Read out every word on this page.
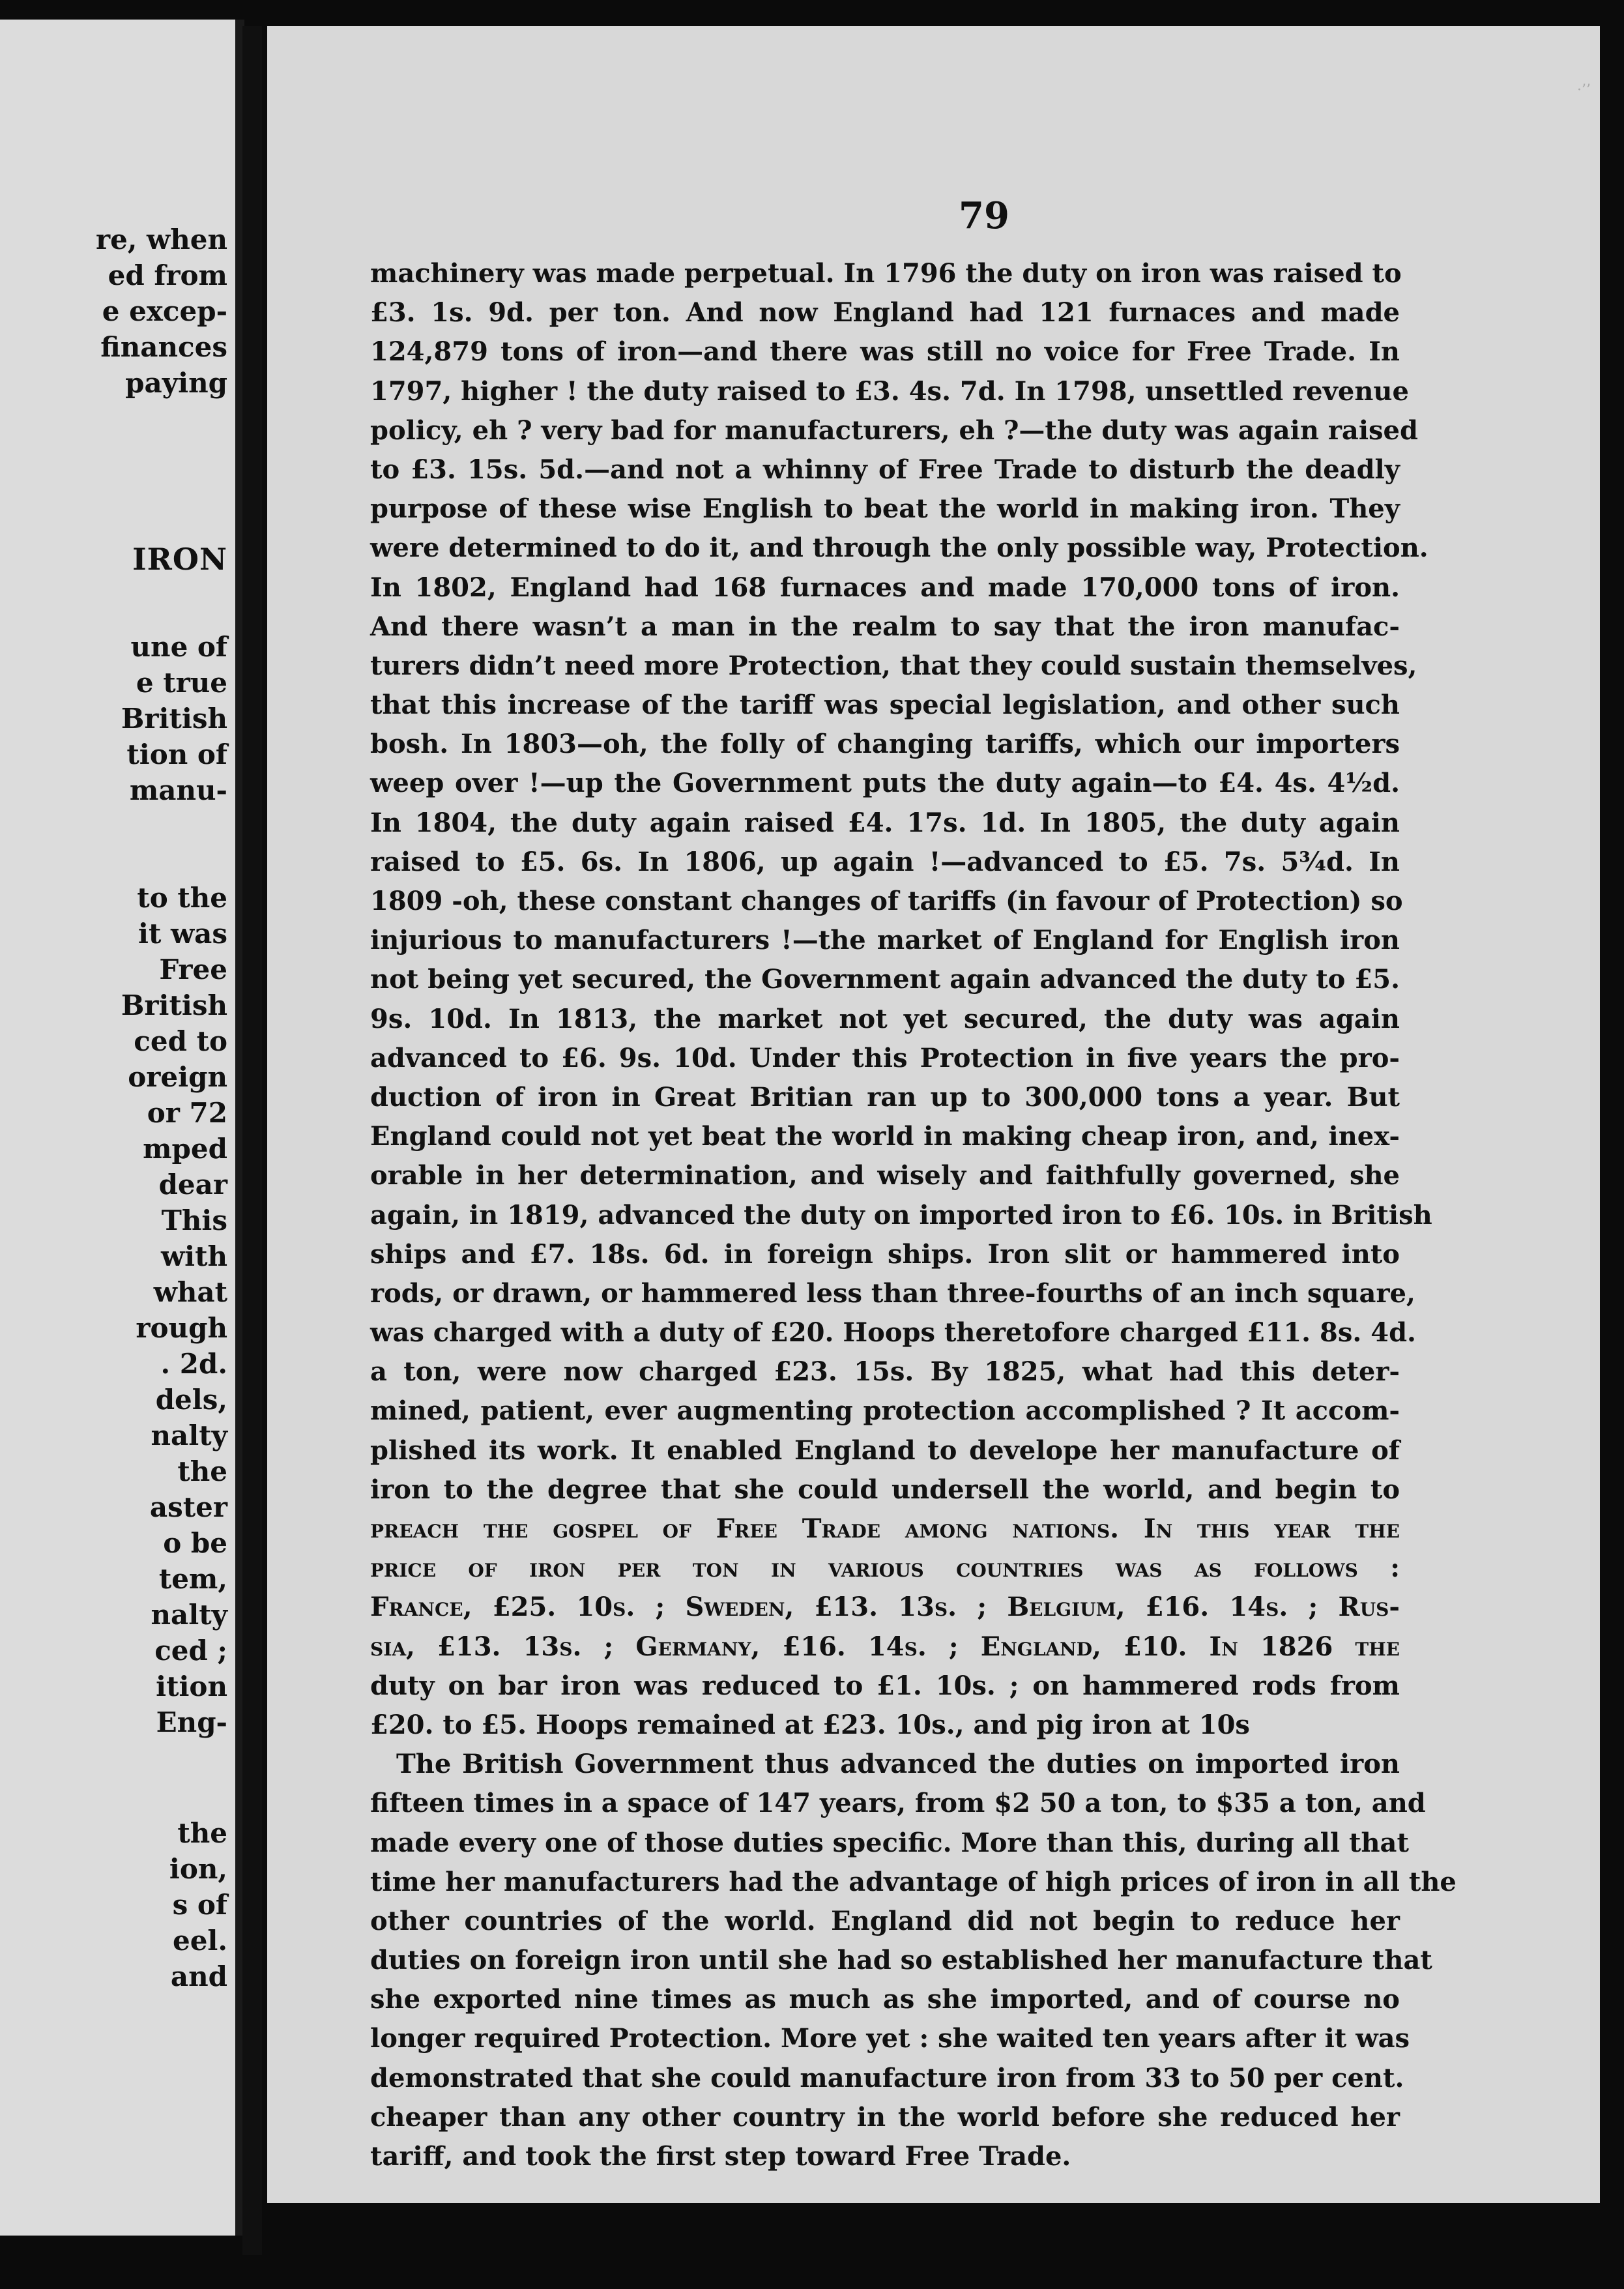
re, when
ed from
e excep-
finances
paying
IRON
une of
e true
British
tion of
manu-
to the
it was
Free
British
ced to
oreign
or 72
mped
dear
This
with
what
rough
. 2d.
dels,
nalty
the
aster
o be
tem,
nalty
ced ;
ition
Eng-
the
ion,
s of
eel.
and
·’’
79
machinery was made perpetual. In 1796 the duty on iron was raised to
£3. 1s. 9d. per ton. And now England had 121 furnaces and made
124,879 tons of iron—and there was still no voice for Free Trade. In
1797, higher ! the duty raised to £3. 4s. 7d. In 1798, unsettled revenue
policy, eh ? very bad for manufacturers, eh ?—the duty was again raised
to £3. 15s. 5d.—and not a whinny of Free Trade to disturb the deadly
purpose of these wise English to beat the world in making iron. They
were determined to do it, and through the only possible way, Protection.
In 1802, England had 168 furnaces and made 170,000 tons of iron.
And there wasn’t a man in the realm to say that the iron manufac-
turers didn’t need more Protection, that they could sustain themselves,
that this increase of the tariff was special legislation, and other such
bosh. In 1803—oh, the folly of changing tariffs, which our importers
weep over !—up the Government puts the duty again—to £4. 4s. 4½d.
In 1804, the duty again raised £4. 17s. 1d. In 1805, the duty again
raised to £5. 6s. In 1806, up again !—advanced to £5. 7s. 5¾d. In
1809 -oh, these constant changes of tariffs (in favour of Protection) so
injurious to manufacturers !—the market of England for English iron
not being yet secured, the Government again advanced the duty to £5.
9s. 10d. In 1813, the market not yet secured, the duty was again
advanced to £6. 9s. 10d. Under this Protection in five years the pro-
duction of iron in Great Britian ran up to 300,000 tons a year. But
England could not yet beat the world in making cheap iron, and, inex-
orable in her determination, and wisely and faithfully governed, she
again, in 1819, advanced the duty on imported iron to £6. 10s. in British
ships and £7. 18s. 6d. in foreign ships. Iron slit or hammered into
rods, or drawn, or hammered less than three-fourths of an inch square,
was charged with a duty of £20. Hoops theretofore charged £11. 8s. 4d.
a ton, were now charged £23. 15s. By 1825, what had this deter-
mined, patient, ever augmenting protection accomplished ? It accom-
plished its work. It enabled England to develope her manufacture of
iron to the degree that she could undersell the world, and begin to
preach the gospel of Free Trade among nations. In this year the
price of iron per ton in various countries was as follows :
France, £25. 10s. ; Sweden, £13. 13s. ; Belgium, £16. 14s. ; Rus-
sia, £13. 13s. ; Germany, £16. 14s. ; England, £10. In 1826 the
duty on bar iron was reduced to £1. 10s. ; on hammered rods from
£20. to £5. Hoops remained at £23. 10s., and pig iron at 10s
The British Government thus advanced the duties on imported iron
fifteen times in a space of 147 years, from $2 50 a ton, to $35 a ton, and
made every one of those duties specific. More than this, during all that
time her manufacturers had the advantage of high prices of iron in all the
other countries of the world. England did not begin to reduce her
duties on foreign iron until she had so established her manufacture that
she exported nine times as much as she imported, and of course no
longer required Protection. More yet : she waited ten years after it was
demonstrated that she could manufacture iron from 33 to 50 per cent.
cheaper than any other country in the world before she reduced her
tariff, and took the first step toward Free Trade.
